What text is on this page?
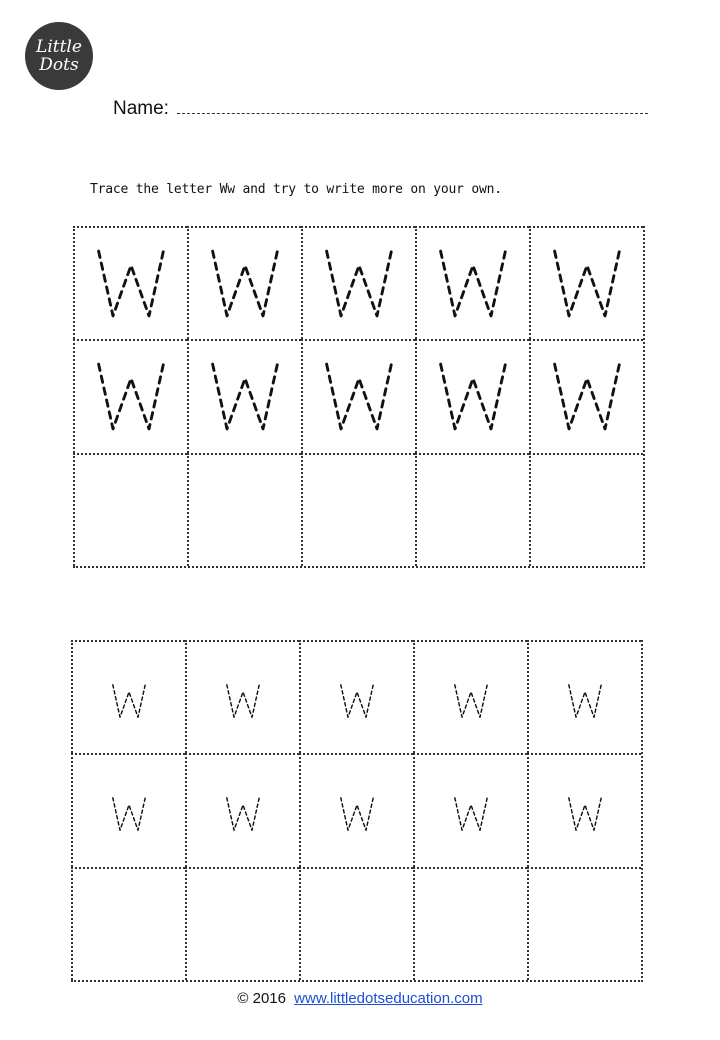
Little
Dots
Name:
Trace the letter Ww and try to write more on your own.
© 2016 www.littledotseducation.com
